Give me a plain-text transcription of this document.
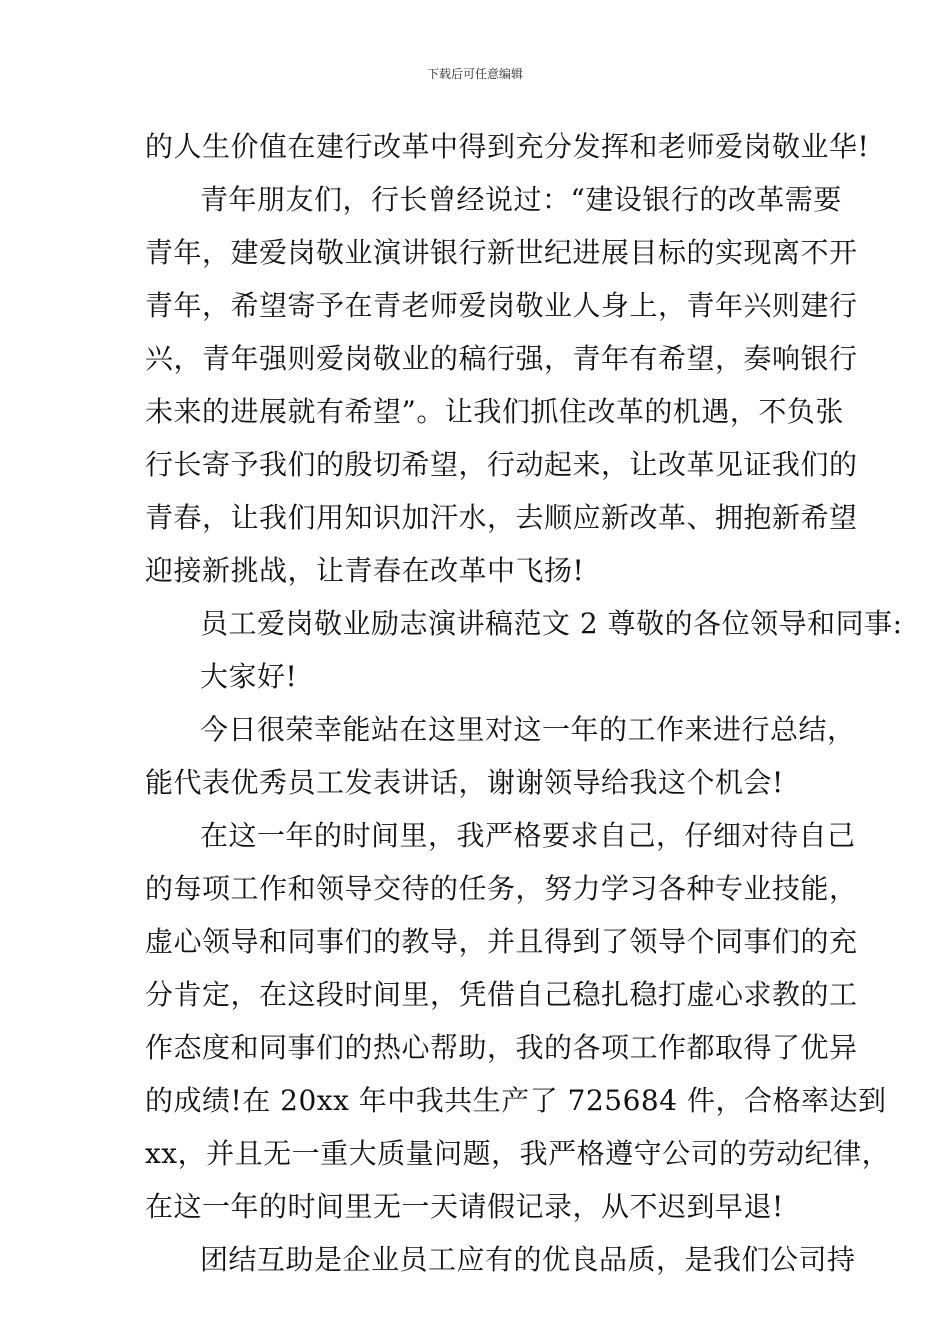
下载后可任意编辑
的人生价值在建行改革中得到充分发挥和老师爱岗敬业华!
青年朋友们，行长曾经说过：“建设银行的改革需要
青年，建爱岗敬业演讲银行新世纪进展目标的实现离不开
青年，希望寄予在青老师爱岗敬业人身上，青年兴则建行
兴，青年强则爱岗敬业的稿行强，青年有希望，奏响银行
未来的进展就有希望”。让我们抓住改革的机遇，不负张
行长寄予我们的殷切希望，行动起来，让改革见证我们的
青春，让我们用知识加汗水，去顺应新改革、拥抱新希望
迎接新挑战，让青春在改革中飞扬!
员工爱岗敬业励志演讲稿范文 2 尊敬的各位领导和同事:
大家好!
今日很荣幸能站在这里对这一年的工作来进行总结，
能代表优秀员工发表讲话，谢谢领导给我这个机会!
在这一年的时间里，我严格要求自己，仔细对待自己
的每项工作和领导交待的任务，努力学习各种专业技能，
虚心领导和同事们的教导，并且得到了领导个同事们的充
分肯定，在这段时间里，凭借自己稳扎稳打虚心求教的工
作态度和同事们的热心帮助，我的各项工作都取得了优异
的成绩!在 20xx 年中我共生产了 725684 件，合格率达到
xx，并且无一重大质量问题，我严格遵守公司的劳动纪律，
在这一年的时间里无一天请假记录，从不迟到早退!
团结互助是企业员工应有的优良品质，是我们公司持
